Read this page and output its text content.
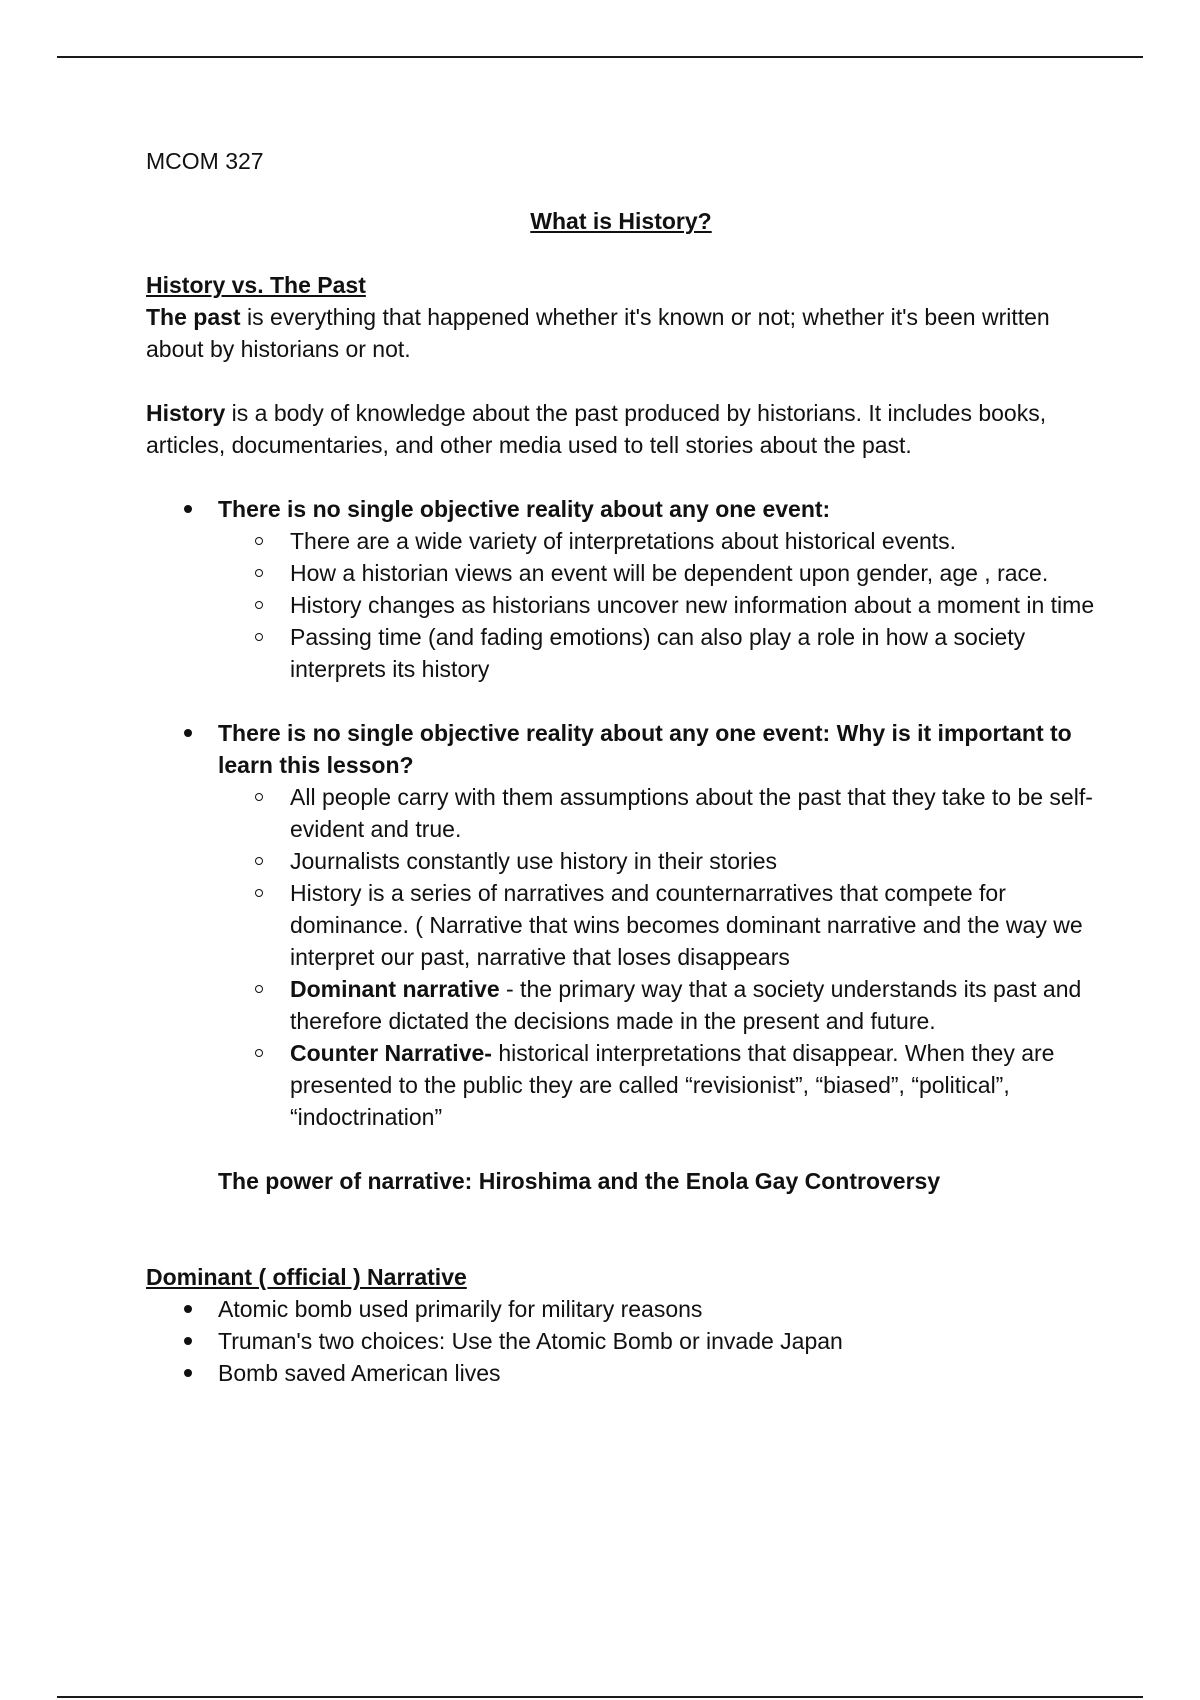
MCOM 327

What is History?

History vs. The Past

The past is everything that happened whether it's known or not; whether it's been written about by historians or not.

History is a body of knowledge about the past produced by historians. It includes books, articles, documentaries, and other media used to tell stories about the past.

There is no single objective reality about any one event:
There are a wide variety of interpretations about historical events.
How a historian views an event will be dependent upon gender, age , race.
History changes as historians uncover new information about a moment in time
Passing time (and fading emotions) can also play a role in how a society interprets its history
There is no single objective reality about any one event: Why is it important to learn this lesson?
All people carry with them assumptions about the past that they take to be self-evident and true.
Journalists constantly use history in their stories
History is a series of narratives and counternarratives that compete for dominance. ( Narrative that wins becomes dominant narrative and the way we interpret our past, narrative that loses disappears
Dominant narrative - the primary way that a society understands its past and therefore dictated the decisions made in the present and future.
Counter Narrative- historical interpretations that disappear. When they are presented to the public they are called “revisionist”, “biased”, “political”, “indoctrination”

The power of narrative: Hiroshima and the Enola Gay Controversy

Dominant ( official ) Narrative

Atomic bomb used primarily for military reasons
Truman's two choices: Use the Atomic Bomb or invade Japan
Bomb saved American lives
